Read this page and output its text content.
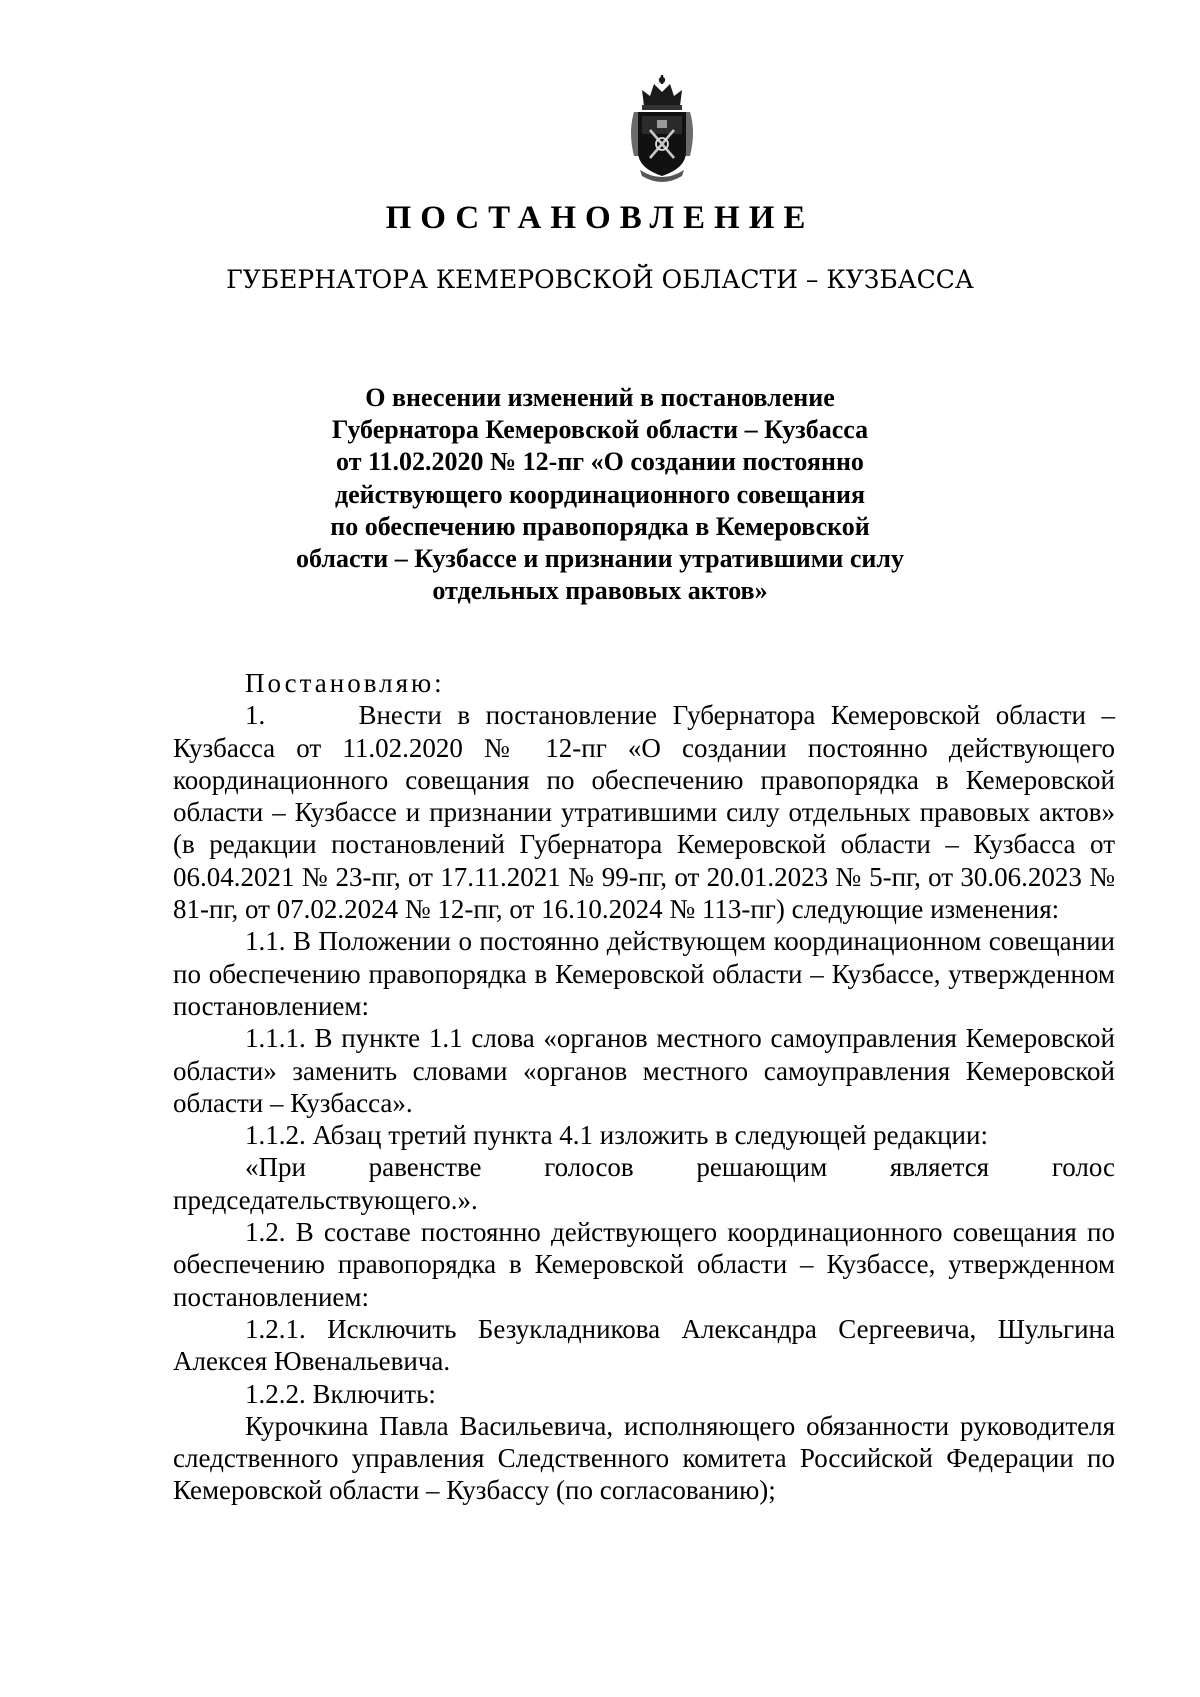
ПОСТАНОВЛЕНИЕ

ГУБЕРНАТОРА КЕМЕРОВСКОЙ ОБЛАСТИ – КУЗБАССА

О внесении изменений в постановление
Губернатора Кемеровской области – Кузбасса
от 11.02.2020 № 12-пг «О создании постоянно
действующего координационного совещания
по обеспечению правопорядка в Кемеровской
области – Кузбассе и признании утратившими силу
отдельных правовых актов»

Постановляю:

1.      Внести в постановление Губернатора Кемеровской области – Кузбасса от 11.02.2020 № 12-пг «О создании постоянно действующего координационного совещания по обеспечению правопорядка в Кемеровской области – Кузбассе и признании утратившими силу отдельных правовых актов» (в редакции постановлений Губернатора Кемеровской области – Кузбасса от 06.04.2021 № 23-пг, от 17.11.2021 № 99-пг, от 20.01.2023 № 5-пг, от 30.06.2023 № 81-пг, от 07.02.2024 № 12-пг, от 16.10.2024 № 113-пг) следующие изменения:

1.1. В Положении о постоянно действующем координационном совещании по обеспечению правопорядка в Кемеровской области – Кузбассе, утвержденном постановлением:

1.1.1. В пункте 1.1 слова «органов местного самоуправления Кемеровской области» заменить словами «органов местного самоуправления Кемеровской области – Кузбасса».

1.1.2. Абзац третий пункта 4.1 изложить в следующей редакции:

«При равенстве голосов решающим является голос председательствующего.».

1.2. В составе постоянно действующего координационного совещания по обеспечению правопорядка в Кемеровской области – Кузбассе, утвержденном постановлением:

1.2.1. Исключить Безукладникова Александра Сергеевича, Шульгина Алексея Ювенальевича.

1.2.2. Включить:

Курочкина Павла Васильевича, исполняющего обязанности руководителя следственного управления Следственного комитета Российской Федерации по Кемеровской области – Кузбассу (по согласованию);
